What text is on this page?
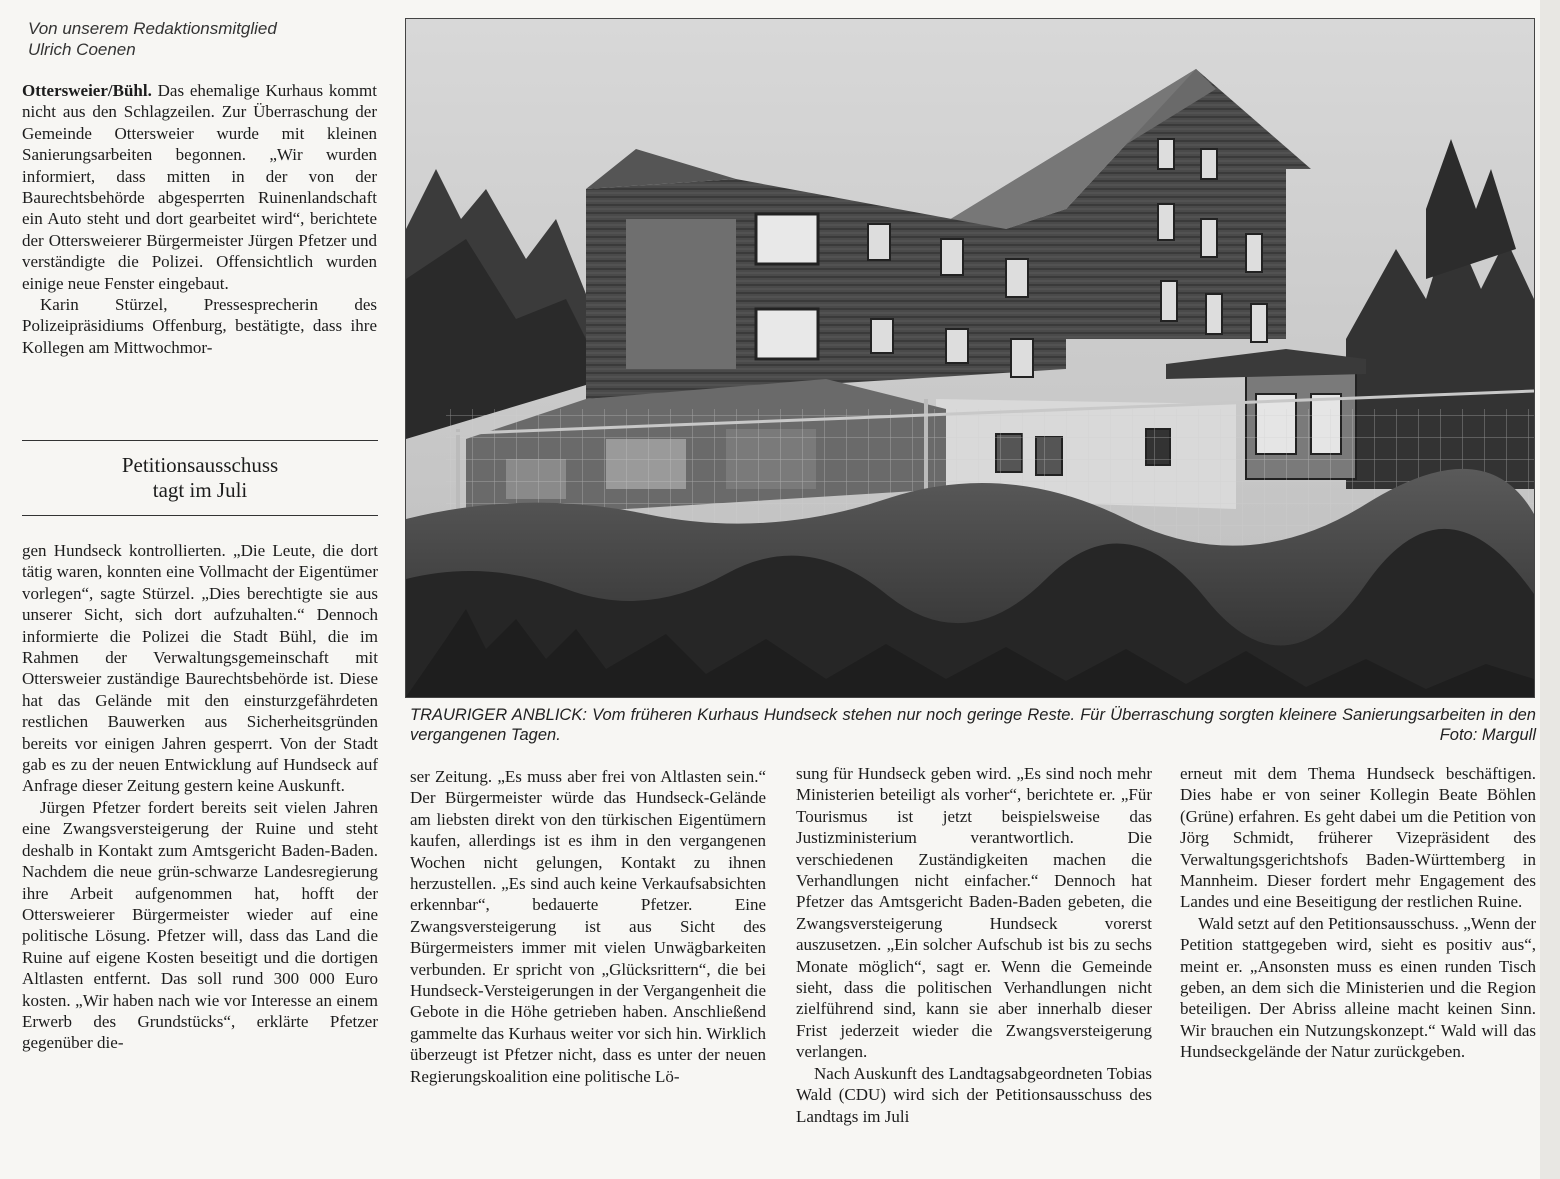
Von unserem Redaktionsmitglied
Ulrich Coenen

Ottersweier/Bühl. Das ehemalige Kurhaus kommt nicht aus den Schlagzeilen. Zur Überraschung der Gemeinde Ottersweier wurde mit kleinen Sanierungsarbeiten begonnen. „Wir wurden informiert, dass mitten in der von der Baurechtsbehörde abgesperrten Ruinenlandschaft ein Auto steht und dort gearbeitet wird“, berichtete der Ottersweierer Bürgermeister Jürgen Pfetzer und verständigte die Polizei. Offensichtlich wurden einige neue Fenster eingebaut.

Karin Stürzel, Pressesprecherin des Polizeipräsidiums Offenburg, bestätigte, dass ihre Kollegen am Mittwochmor-

Petitionsausschuss
tagt im Juli

gen Hundseck kontrollierten. „Die Leute, die dort tätig waren, konnten eine Vollmacht der Eigentümer vorlegen“, sagte Stürzel. „Dies berechtigte sie aus unserer Sicht, sich dort aufzuhalten.“ Dennoch informierte die Polizei die Stadt Bühl, die im Rahmen der Verwaltungsgemeinschaft mit Ottersweier zuständige Baurechtsbehörde ist. Diese hat das Gelände mit den einsturzgefährdeten restlichen Bauwerken aus Sicherheitsgründen bereits vor einigen Jahren gesperrt. Von der Stadt gab es zu der neuen Entwicklung auf Hundseck auf Anfrage dieser Zeitung gestern keine Auskunft.

Jürgen Pfetzer fordert bereits seit vielen Jahren eine Zwangsversteigerung der Ruine und steht deshalb in Kontakt zum Amtsgericht Baden-Baden. Nachdem die neue grün-schwarze Landesregierung ihre Arbeit aufgenommen hat, hofft der Ottersweierer Bürgermeister wieder auf eine politische Lösung. Pfetzer will, dass das Land die Ruine auf eigene Kosten beseitigt und die dortigen Altlasten entfernt. Das soll rund 300 000 Euro kosten. „Wir haben nach wie vor Interesse an einem Erwerb des Grundstücks“, erklärte Pfetzer gegenüber die-

TRAURIGER ANBLICK: Vom früheren Kurhaus Hundseck stehen nur noch geringe Reste. Für Überraschung sorgten kleinere Sanierungsarbeiten in den vergangenen Tagen.	Foto: Margull

ser Zeitung. „Es muss aber frei von Altlasten sein.“ Der Bürgermeister würde das Hundseck-Gelände am liebsten direkt von den türkischen Eigentümern kaufen, allerdings ist es ihm in den vergangenen Wochen nicht gelungen, Kontakt zu ihnen herzustellen. „Es sind auch keine Verkaufsabsichten erkennbar“, bedauerte Pfetzer. Eine Zwangsversteigerung ist aus Sicht des Bürgermeisters immer mit vielen Unwägbarkeiten verbunden. Er spricht von „Glücksrittern“, die bei Hundseck-Versteigerungen in der Vergangenheit die Gebote in die Höhe getrieben haben. Anschließend gammelte das Kurhaus weiter vor sich hin. Wirklich überzeugt ist Pfetzer nicht, dass es unter der neuen Regierungskoalition eine politische Lö-

sung für Hundseck geben wird. „Es sind noch mehr Ministerien beteiligt als vorher“, berichtete er. „Für Tourismus ist jetzt beispielsweise das Justizministerium verantwortlich. Die verschiedenen Zuständigkeiten machen die Verhandlungen nicht einfacher.“ Dennoch hat Pfetzer das Amtsgericht Baden-Baden gebeten, die Zwangsversteigerung Hundseck vorerst auszusetzen. „Ein solcher Aufschub ist bis zu sechs Monate möglich“, sagt er. Wenn die Gemeinde sieht, dass die politischen Verhandlungen nicht zielführend sind, kann sie aber innerhalb dieser Frist jederzeit wieder die Zwangsversteigerung verlangen.

Nach Auskunft des Landtagsabgeordneten Tobias Wald (CDU) wird sich der Petitionsausschuss des Landtags im Juli

erneut mit dem Thema Hundseck beschäftigen. Dies habe er von seiner Kollegin Beate Böhlen (Grüne) erfahren. Es geht dabei um die Petition von Jörg Schmidt, früherer Vizepräsident des Verwaltungsgerichtshofs Baden-Württemberg in Mannheim. Dieser fordert mehr Engagement des Landes und eine Beseitigung der restlichen Ruine.

Wald setzt auf den Petitionsausschuss. „Wenn der Petition stattgegeben wird, sieht es positiv aus“, meint er. „Ansonsten muss es einen runden Tisch geben, an dem sich die Ministerien und die Region beteiligen. Der Abriss alleine macht keinen Sinn. Wir brauchen ein Nutzungskonzept.“ Wald will das Hundseckgelände der Natur zurückgeben.
